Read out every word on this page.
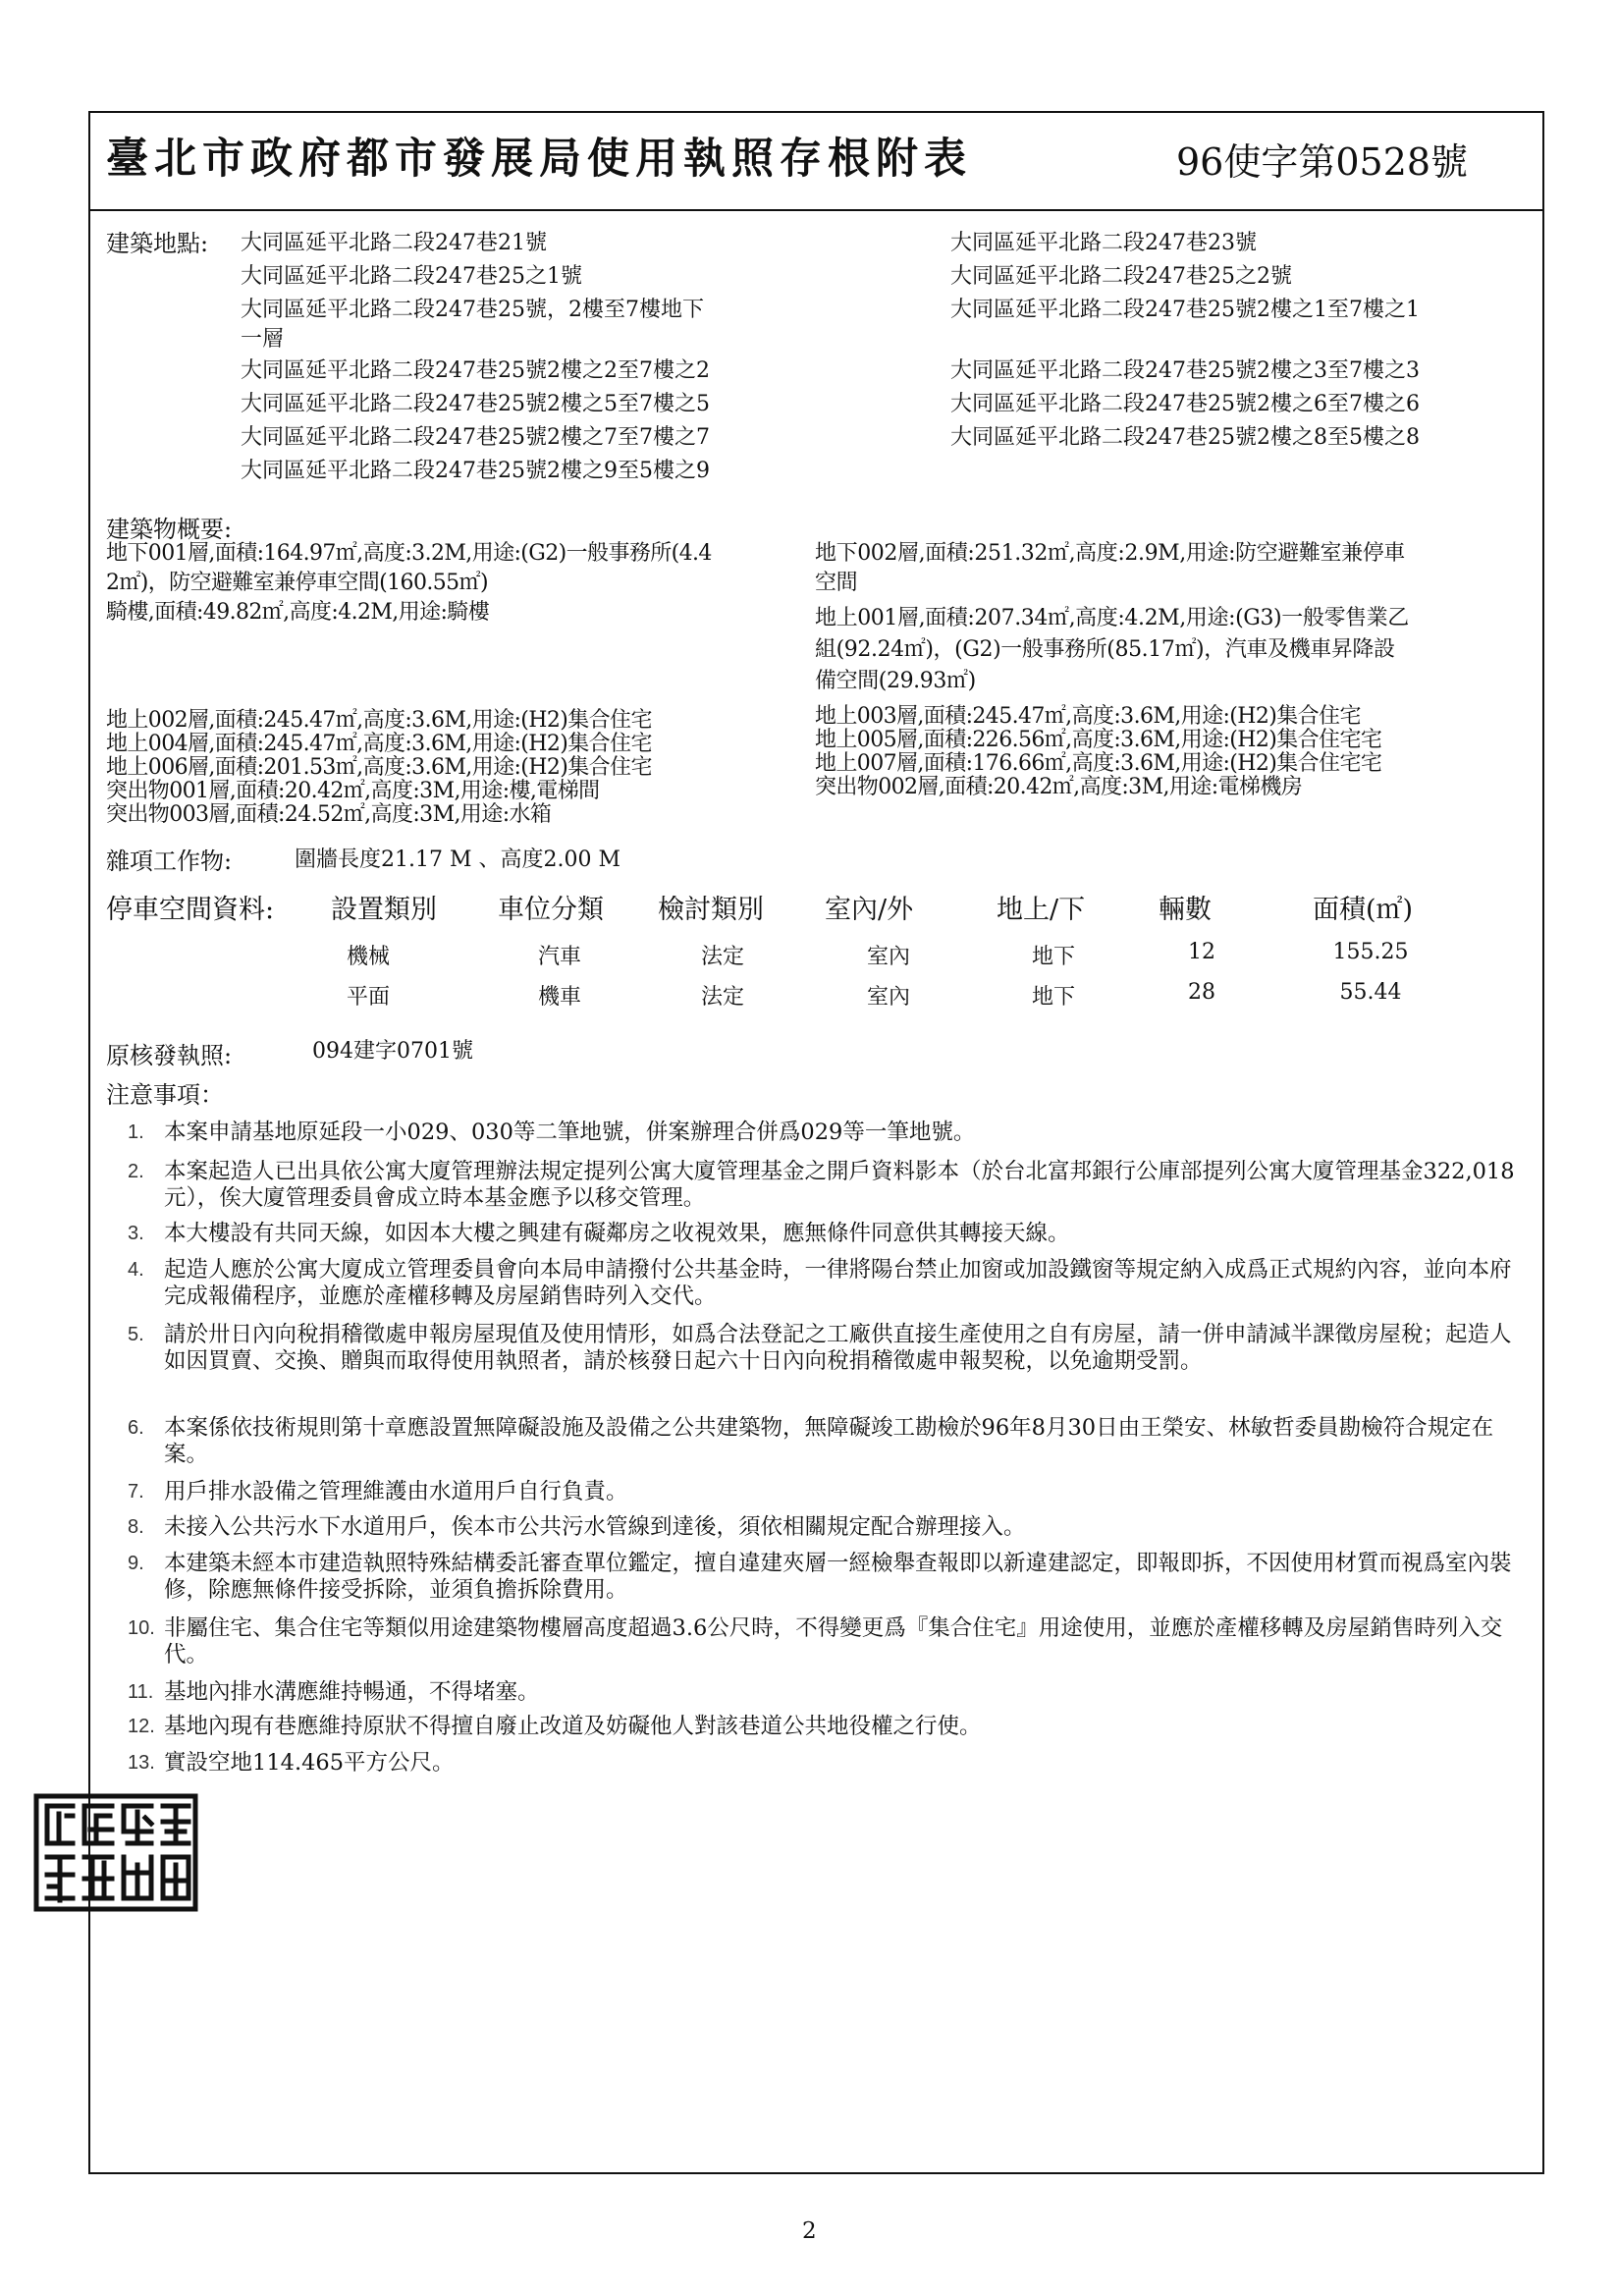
臺北市政府都市發展局使用執照存根附表	96使字第0528號
建築地點: 大同區延平北路二段247巷21號
大同區延平北路二段247巷25之1號
大同區延平北路二段247巷25號，2樓至7樓地下
一層
大同區延平北路二段247巷25號2樓之2至7樓之2
大同區延平北路二段247巷25號2樓之5至7樓之5
大同區延平北路二段247巷25號2樓之7至7樓之7
大同區延平北路二段247巷25號2樓之9至5樓之9
大同區延平北路二段247巷23號
大同區延平北路二段247巷25之2號
大同區延平北路二段247巷25號2樓之1至7樓之1
大同區延平北路二段247巷25號2樓之3至7樓之3
大同區延平北路二段247巷25號2樓之6至7樓之6
大同區延平北路二段247巷25號2樓之8至5樓之8
建築物概要:
地下001層,面積:164.97㎡,高度:3.2M,用途:(G2)一般事務所(4.4
2㎡)，防空避難室兼停車空間(160.55㎡)
騎樓,面積:49.82㎡,高度:4.2M,用途:騎樓
地下002層,面積:251.32㎡,高度:2.9M,用途:防空避難室兼停車
空間
地上001層,面積:207.34㎡,高度:4.2M,用途:(G3)一般零售業乙
組(92.24㎡)，(G2)一般事務所(85.17㎡)，汽車及機車昇降設
備空間(29.93㎡)
地上002層,面積:245.47㎡,高度:3.6M,用途:(H2)集合住宅
地上004層,面積:245.47㎡,高度:3.6M,用途:(H2)集合住宅
地上006層,面積:201.53㎡,高度:3.6M,用途:(H2)集合住宅
突出物001層,面積:20.42㎡,高度:3M,用途:樓,電梯間
突出物003層,面積:24.52㎡,高度:3M,用途:水箱
地上003層,面積:245.47㎡,高度:3.6M,用途:(H2)集合住宅
地上005層,面積:226.56㎡,高度:3.6M,用途:(H2)集合住宅宅
地上007層,面積:176.66㎡,高度:3.6M,用途:(H2)集合住宅宅
突出物002層,面積:20.42㎡,高度:3M,用途:電梯機房
雜項工作物:	圍牆長度21.17 M 、高度2.00 M
停車空間資料: 設置類別 車位分類 檢討類別 室內/外	地上/下	輛數	面積(㎡)
機械	汽車	法定	室內	地下	12	155.25
平面	機車	法定	室內	地下	28	55.44
原核發執照:	094建字0701號
注意事項：
1. 本案申請基地原延段一小029、030等二筆地號，併案辦理合併爲029等一筆地號。
2. 本案起造人已出具依公寓大廈管理辦法規定提列公寓大廈管理基金之開戶資料影本（於台北富邦銀行公庫部提列公寓大廈管理基金322,018元），俟大廈管理委員會成立時本基金應予以移交管理。
3. 本大樓設有共同天線，如因本大樓之興建有礙鄰房之收視效果，應無條件同意供其轉接天線。
4. 起造人應於公寓大廈成立管理委員會向本局申請撥付公共基金時，一律將陽台禁止加窗或加設鐵窗等規定納入成爲正式規約內容，並向本府完成報備程序，並應於產權移轉及房屋銷售時列入交代。
5. 請於卅日內向稅捐稽徵處申報房屋現值及使用情形，如爲合法登記之工廠供直接生產使用之自有房屋，請一併申請減半課徵房屋稅；起造人如因買賣、交換、贈與而取得使用執照者，請於核發日起六十日內向稅捐稽徵處申報契稅，以免逾期受罰。
6. 本案係依技術規則第十章應設置無障礙設施及設備之公共建築物，無障礙竣工勘檢於96年8月30日由王榮安、林敏哲委員勘檢符合規定在案。
7. 用戶排水設備之管理維護由水道用戶自行負責。
8. 未接入公共污水下水道用戶，俟本市公共污水管線到達後，須依相關規定配合辦理接入。
9. 本建築未經本市建造執照特殊結構委託審查單位鑑定，擅自違建夾層一經檢舉查報即以新違建認定，即報即拆，不因使用材質而視爲室內裝修，除應無條件接受拆除，並須負擔拆除費用。
10. 非屬住宅、集合住宅等類似用途建築物樓層高度超過3.6公尺時，不得變更爲『集合住宅』用途使用，並應於產權移轉及房屋銷售時列入交代。
11. 基地內排水溝應維持暢通，不得堵塞。
12. 基地內現有巷應維持原狀不得擅自廢止改道及妨礙他人對該巷道公共地役權之行使。
13. 實設空地114.465平方公尺。
2
